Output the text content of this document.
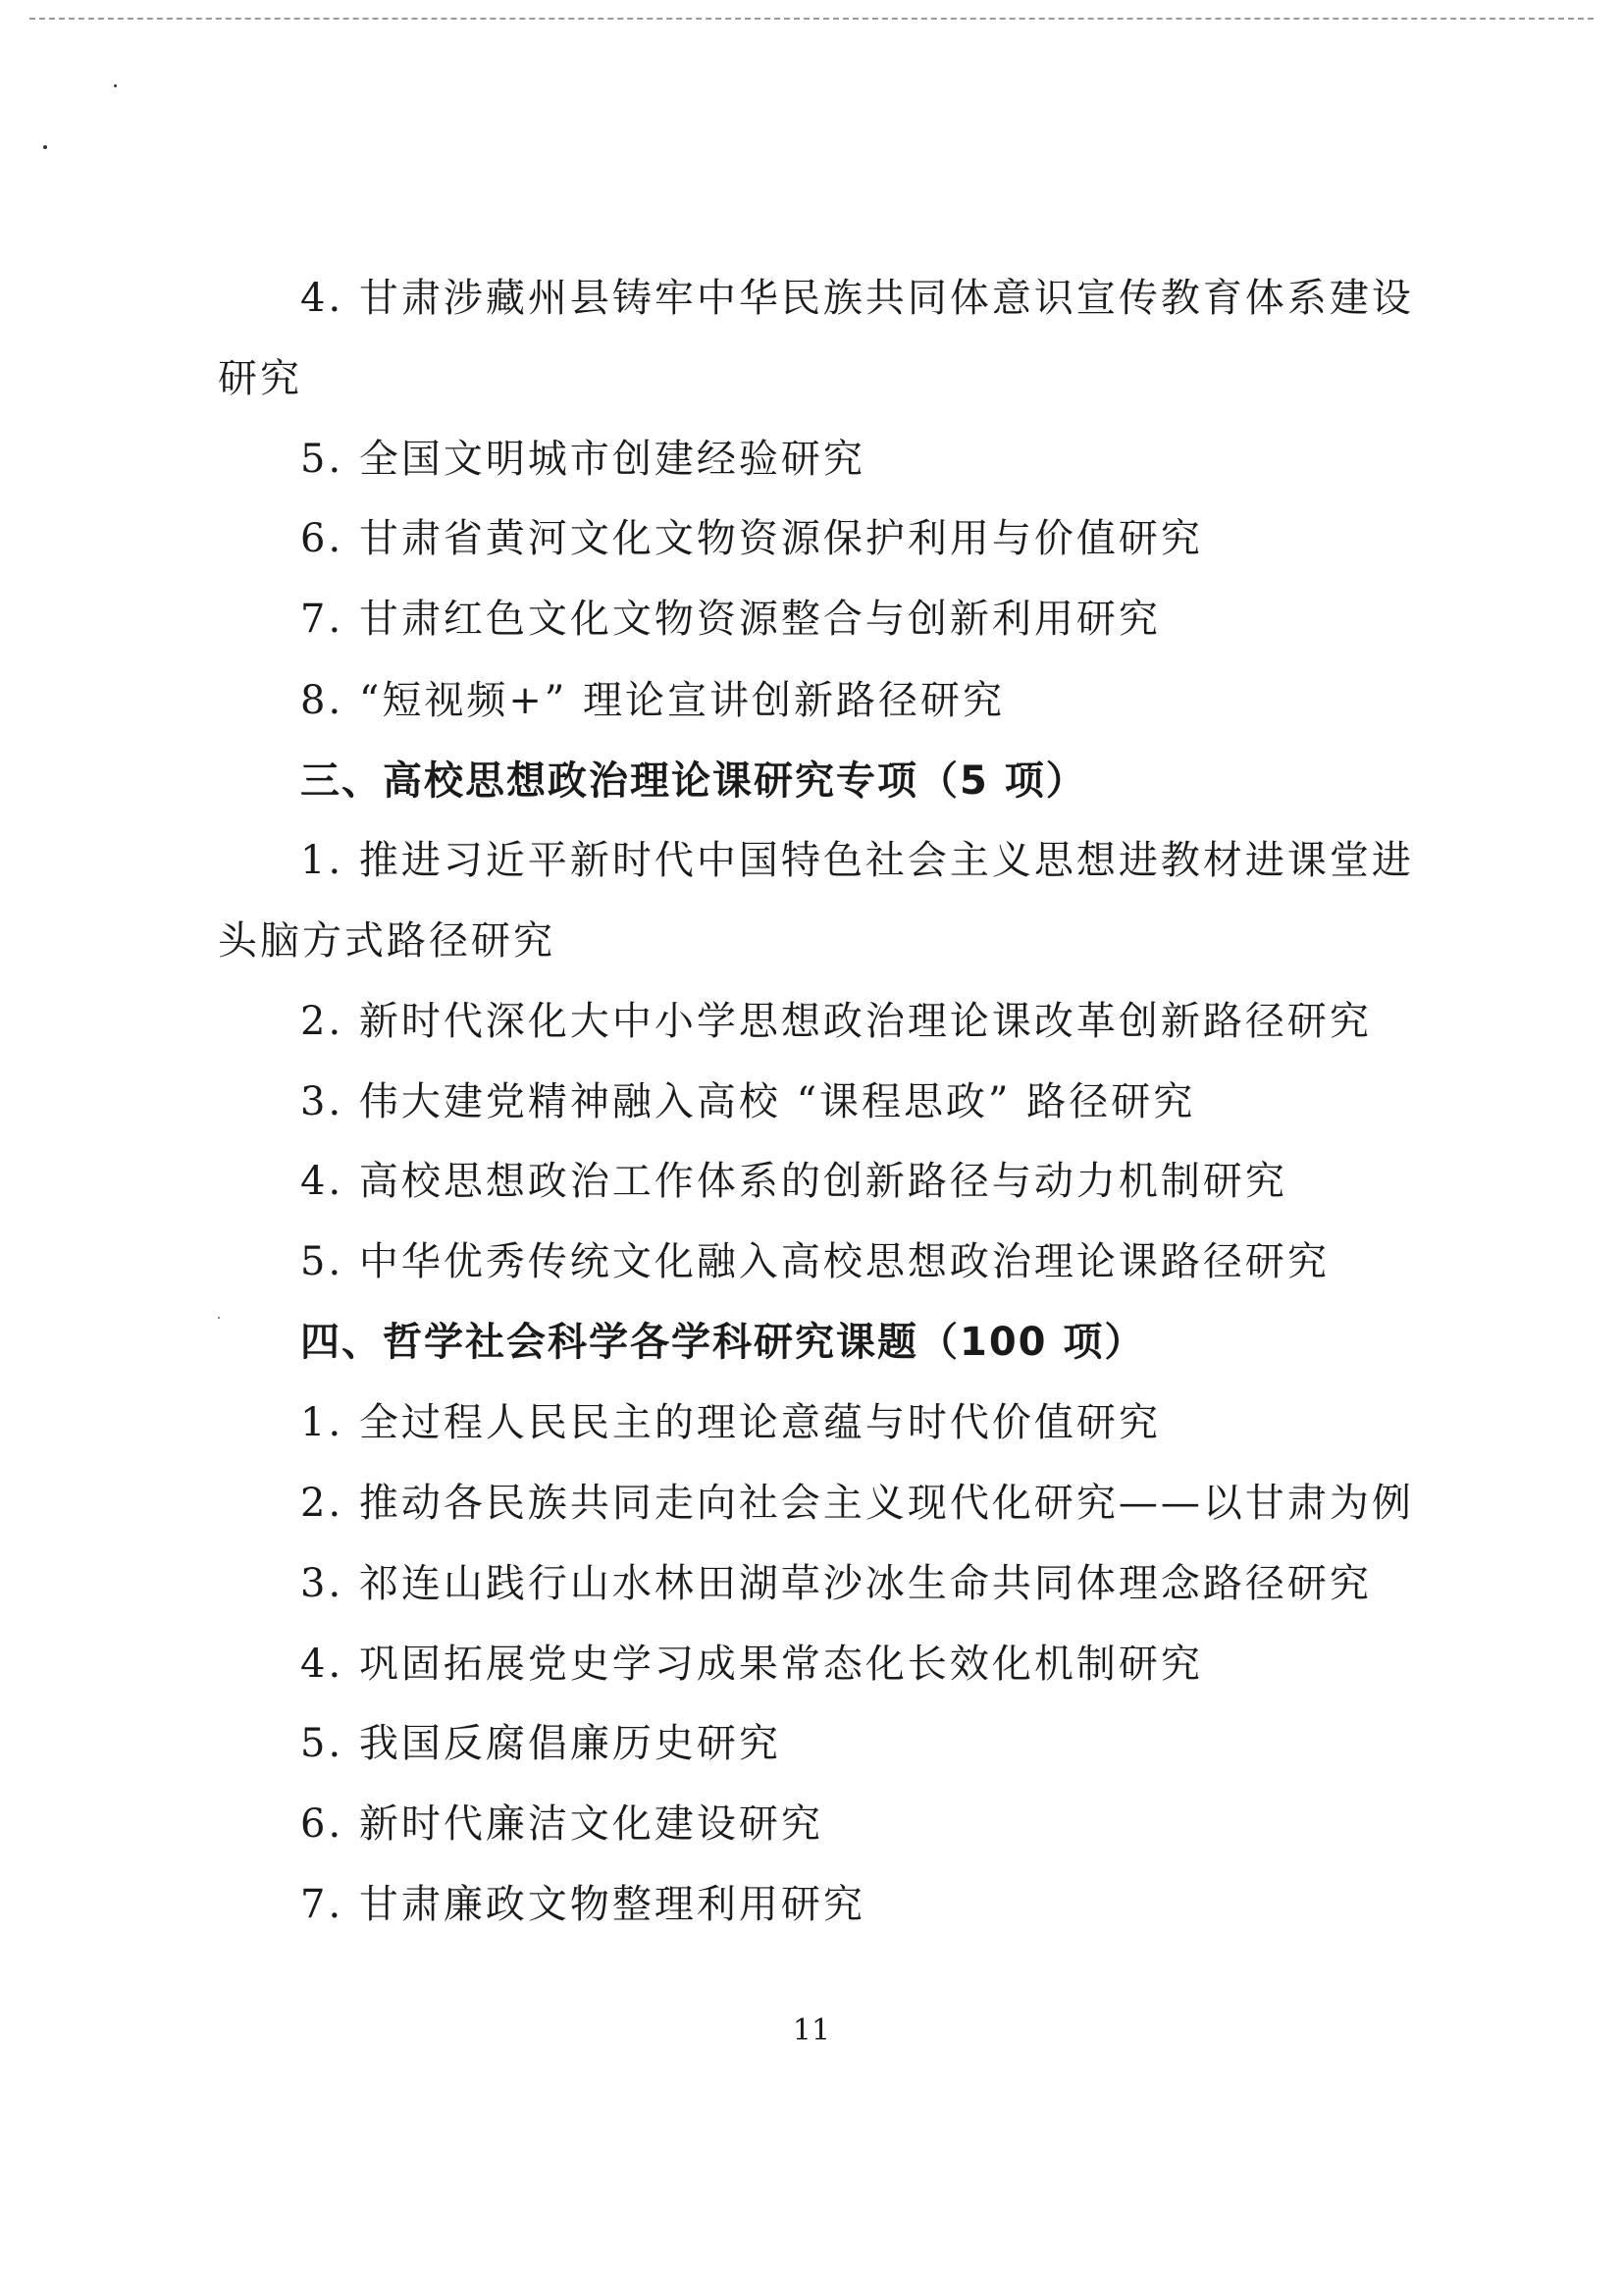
4. 甘肃涉藏州县铸牢中华民族共同体意识宣传教育体系建设
研究
5. 全国文明城市创建经验研究
6. 甘肃省黄河文化文物资源保护利用与价值研究
7. 甘肃红色文化文物资源整合与创新利用研究
8. “短视频+” 理论宣讲创新路径研究
三、高校思想政治理论课研究专项（5 项）
1. 推进习近平新时代中国特色社会主义思想进教材进课堂进
头脑方式路径研究
2. 新时代深化大中小学思想政治理论课改革创新路径研究
3. 伟大建党精神融入高校 “课程思政” 路径研究
4. 高校思想政治工作体系的创新路径与动力机制研究
5. 中华优秀传统文化融入高校思想政治理论课路径研究
四、哲学社会科学各学科研究课题（100 项）
1. 全过程人民民主的理论意蕴与时代价值研究
2. 推动各民族共同走向社会主义现代化研究——以甘肃为例
3. 祁连山践行山水林田湖草沙冰生命共同体理念路径研究
4. 巩固拓展党史学习成果常态化长效化机制研究
5. 我国反腐倡廉历史研究
6. 新时代廉洁文化建设研究
7. 甘肃廉政文物整理利用研究
11
